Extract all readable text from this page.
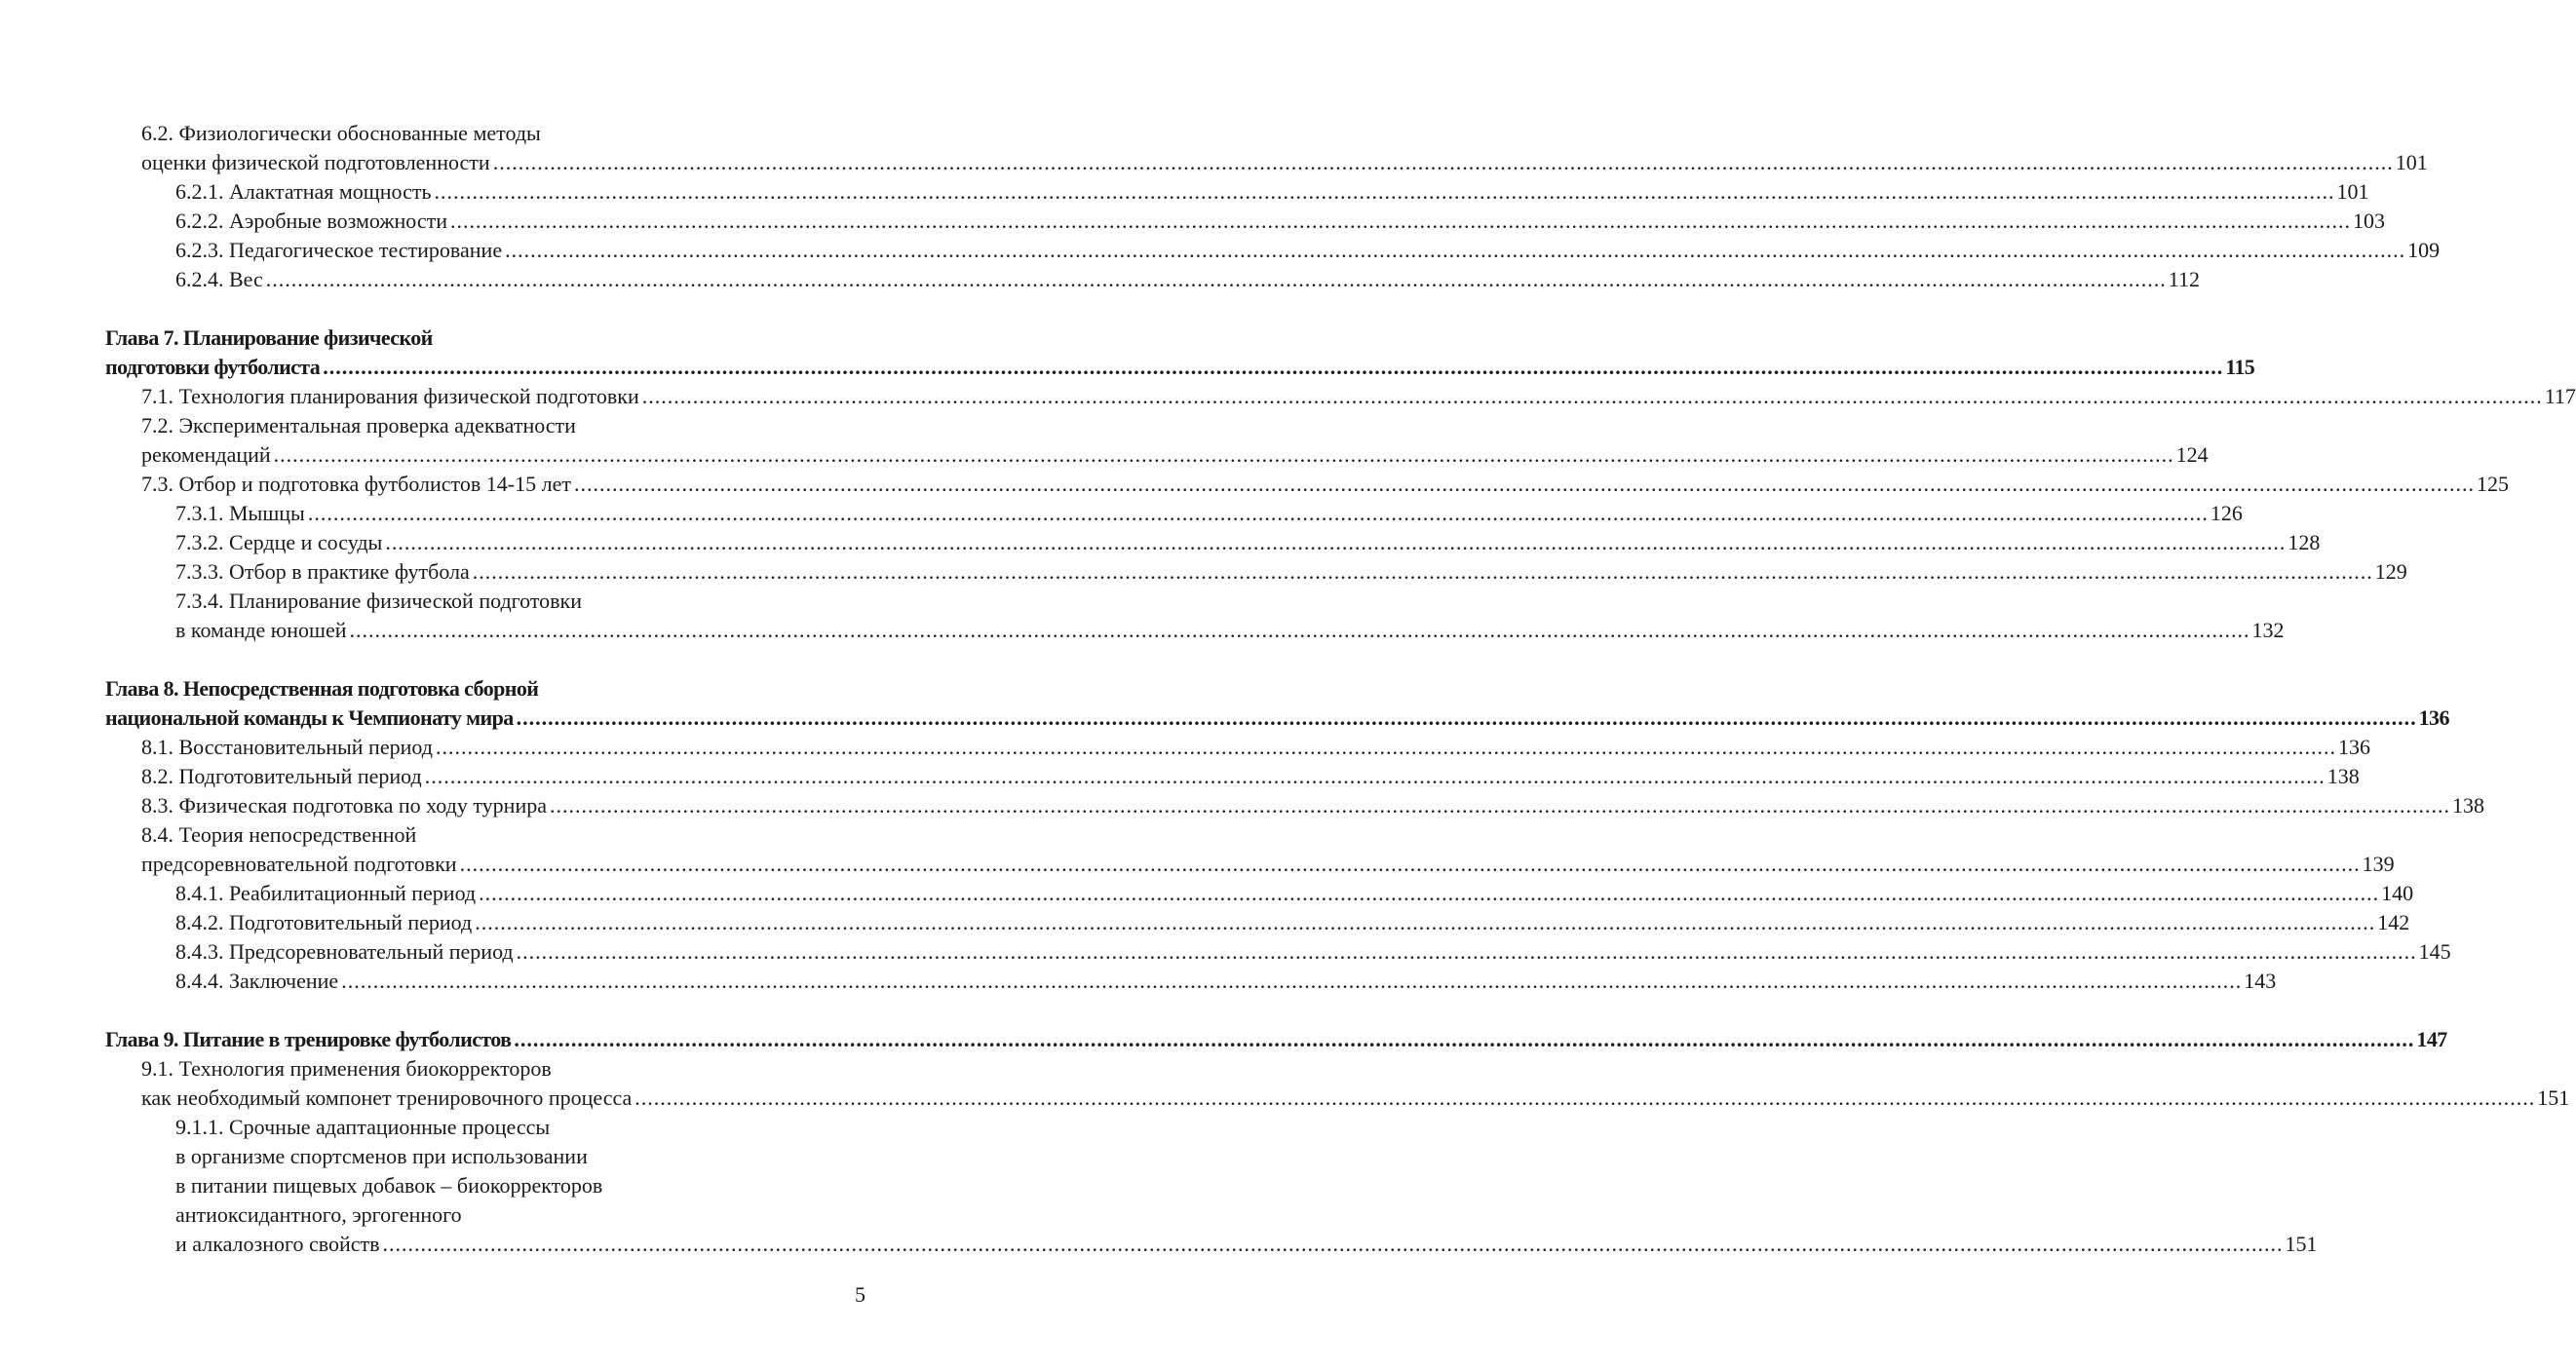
6.2. Физиологически обоснованные методы
оценки физической подготовленности ............................................................................................................................................................................................................................................................................................................ 101
6.2.1. Алактатная мощность ............................................................................................................................................................................................................................................................................................................ 101
6.2.2. Аэробные возможности ............................................................................................................................................................................................................................................................................................................ 103
6.2.3. Педагогическое тестирование ............................................................................................................................................................................................................................................................................................................ 109
6.2.4. Вес ............................................................................................................................................................................................................................................................................................................ 112
Глава 7. Планирование физической
подготовки футболиста ............................................................................................................................................................................................................................................................................................................ 115
7.1. Технология планирования физической подготовки ............................................................................................................................................................................................................................................................................................................ 117
7.2. Экспериментальная проверка адекватности
рекомендаций ............................................................................................................................................................................................................................................................................................................ 124
7.3. Отбор и подготовка футболистов 14-15 лет ............................................................................................................................................................................................................................................................................................................ 125
7.3.1. Мышцы ............................................................................................................................................................................................................................................................................................................ 126
7.3.2. Сердце и сосуды ............................................................................................................................................................................................................................................................................................................ 128
7.3.3. Отбор в практике футбола ............................................................................................................................................................................................................................................................................................................ 129
7.3.4. Планирование физической подготовки
в команде юношей ............................................................................................................................................................................................................................................................................................................ 132
Глава 8. Непосредственная подготовка сборной
национальной команды к Чемпионату мира ............................................................................................................................................................................................................................................................................................................ 136
8.1. Восстановительный период ............................................................................................................................................................................................................................................................................................................ 136
8.2. Подготовительный период ............................................................................................................................................................................................................................................................................................................ 138
8.3. Физическая подготовка по ходу турнира ............................................................................................................................................................................................................................................................................................................ 138
8.4. Теория непосредственной
предсоревновательной подготовки ............................................................................................................................................................................................................................................................................................................ 139
8.4.1. Реабилитационный период ............................................................................................................................................................................................................................................................................................................ 140
8.4.2. Подготовительный период ............................................................................................................................................................................................................................................................................................................ 142
8.4.3. Предсоревновательный период ............................................................................................................................................................................................................................................................................................................ 145
8.4.4. Заключение ............................................................................................................................................................................................................................................................................................................ 143
Глава 9. Питание в тренировке футболистов ............................................................................................................................................................................................................................................................................................................ 147
9.1. Технология применения биокорректоров
как необходимый компонет тренировочного процесса ............................................................................................................................................................................................................................................................................................................ 151
9.1.1. Срочные адаптационные процессы
в организме спортсменов при использовании
в питании пищевых добавок – биокорректоров
антиоксидантного, эргогенного
и алкалозного свойств ............................................................................................................................................................................................................................................................................................................ 151
5
